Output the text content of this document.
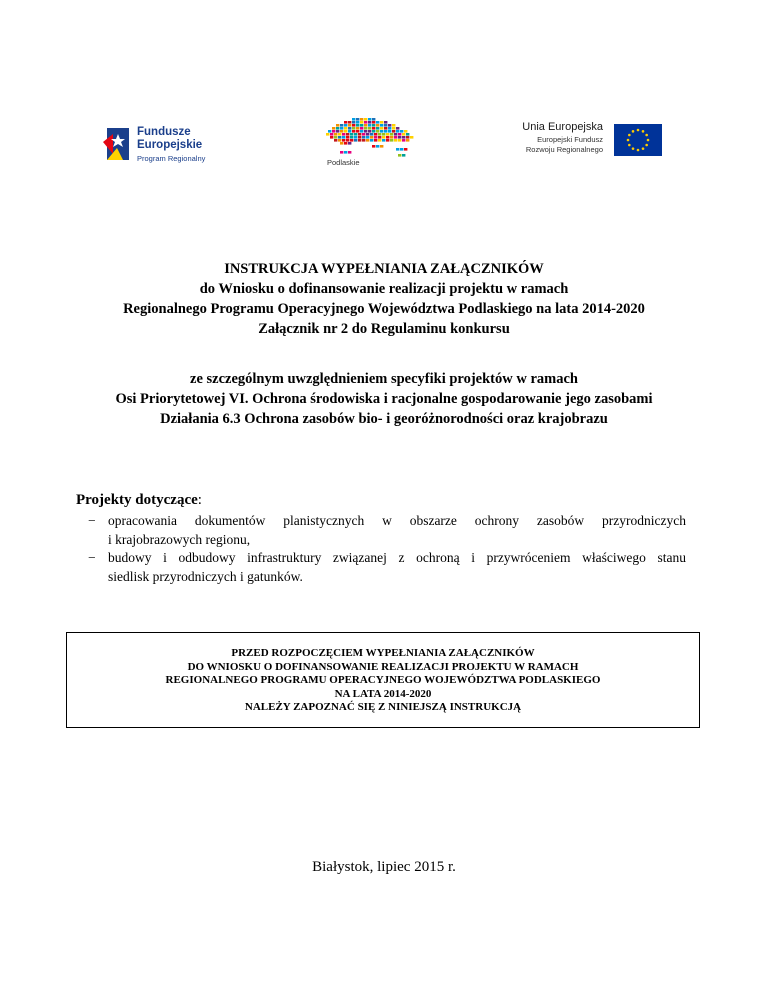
Fundusze
Europejskie
Program Regionalny	Podlaskie
Unia Europejska
Europejski Fundusz
Rozwoju Regionalnego
INSTRUKCJA WYPEŁNIANIA ZAŁĄCZNIKÓW
do Wniosku o dofinansowanie realizacji projektu w ramach
Regionalnego Programu Operacyjnego Województwa Podlaskiego na lata 2014-2020
Załącznik nr 2 do Regulaminu konkursu
ze szczególnym uwzględnieniem specyfiki projektów w ramach
Osi Priorytetowej VI. Ochrona środowiska i racjonalne gospodarowanie jego zasobami
Działania 6.3 Ochrona zasobów bio- i georóżnorodności oraz krajobrazu
Projekty dotyczące:
− opracowania dokumentów planistycznych w obszarze ochrony zasobów przyrodniczych
i krajobrazowych regionu,
− budowy i odbudowy infrastruktury związanej z ochroną i przywróceniem właściwego stanu
siedlisk przyrodniczych i gatunków.
PRZED ROZPOCZĘCIEM WYPEŁNIANIA ZAŁĄCZNIKÓW
DO WNIOSKU O DOFINANSOWANIE REALIZACJI PROJEKTU W RAMACH
REGIONALNEGO PROGRAMU OPERACYJNEGO WOJEWÓDZTWA PODLASKIEGO
NA LATA 2014-2020
NALEŻY ZAPOZNAĆ SIĘ Z NINIEJSZĄ INSTRUKCJĄ
Białystok, lipiec 2015 r.
